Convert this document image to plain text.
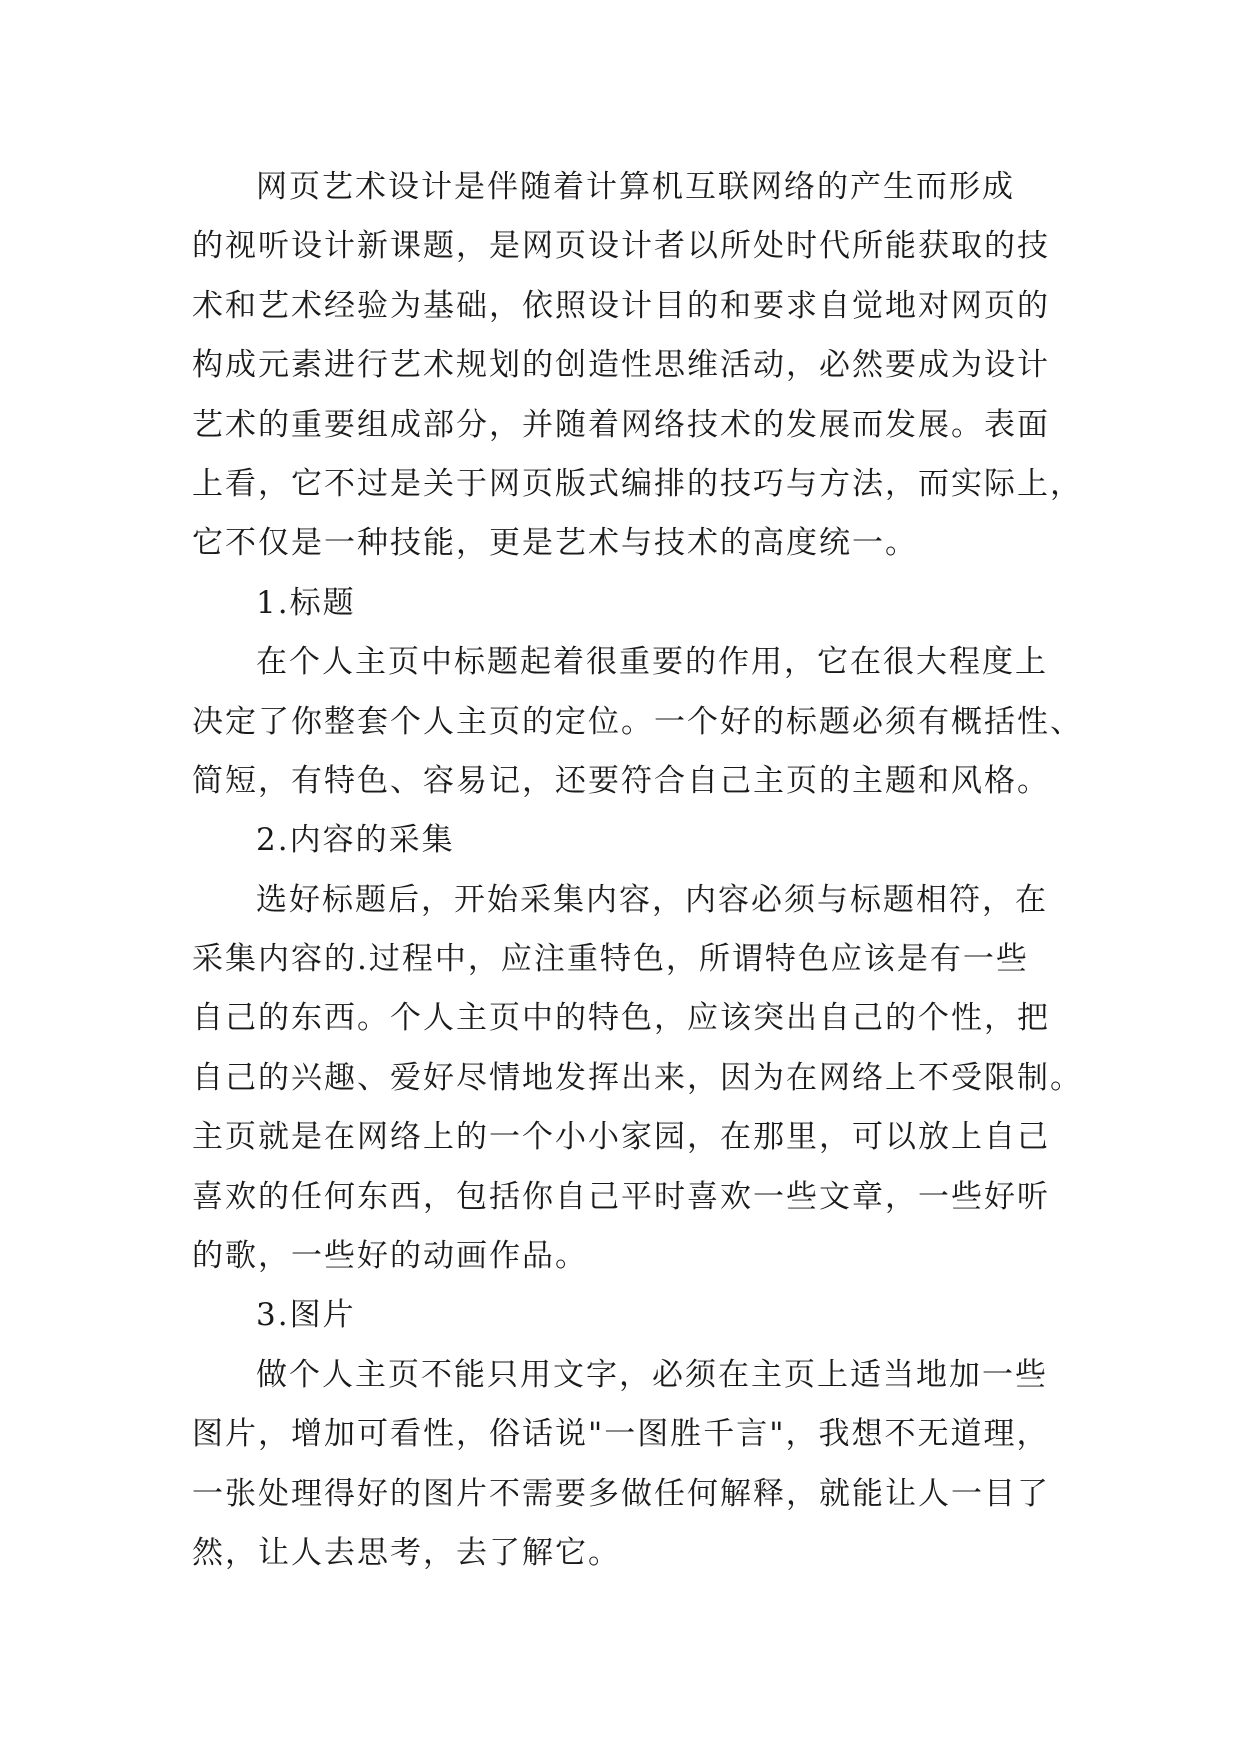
网页艺术设计是伴随着计算机互联网络的产生而形成
的视听设计新课题，是网页设计者以所处时代所能获取的技
术和艺术经验为基础，依照设计目的和要求自觉地对网页的
构成元素进行艺术规划的创造性思维活动，必然要成为设计
艺术的重要组成部分，并随着网络技术的发展而发展。表面
上看，它不过是关于网页版式编排的技巧与方法，而实际上，
它不仅是一种技能，更是艺术与技术的高度统一。
1.标题
在个人主页中标题起着很重要的作用，它在很大程度上
决定了你整套个人主页的定位。一个好的标题必须有概括性、
简短，有特色、容易记，还要符合自己主页的主题和风格。
2.内容的采集
选好标题后，开始采集内容，内容必须与标题相符，在
采集内容的.过程中，应注重特色，所谓特色应该是有一些
自己的东西。个人主页中的特色，应该突出自己的个性，把
自己的兴趣、爱好尽情地发挥出来，因为在网络上不受限制。
主页就是在网络上的一个小小家园，在那里，可以放上自己
喜欢的任何东西，包括你自己平时喜欢一些文章，一些好听
的歌，一些好的动画作品。
3.图片
做个人主页不能只用文字，必须在主页上适当地加一些
图片，增加可看性，俗话说"一图胜千言"，我想不无道理，
一张处理得好的图片不需要多做任何解释，就能让人一目了
然，让人去思考，去了解它。
